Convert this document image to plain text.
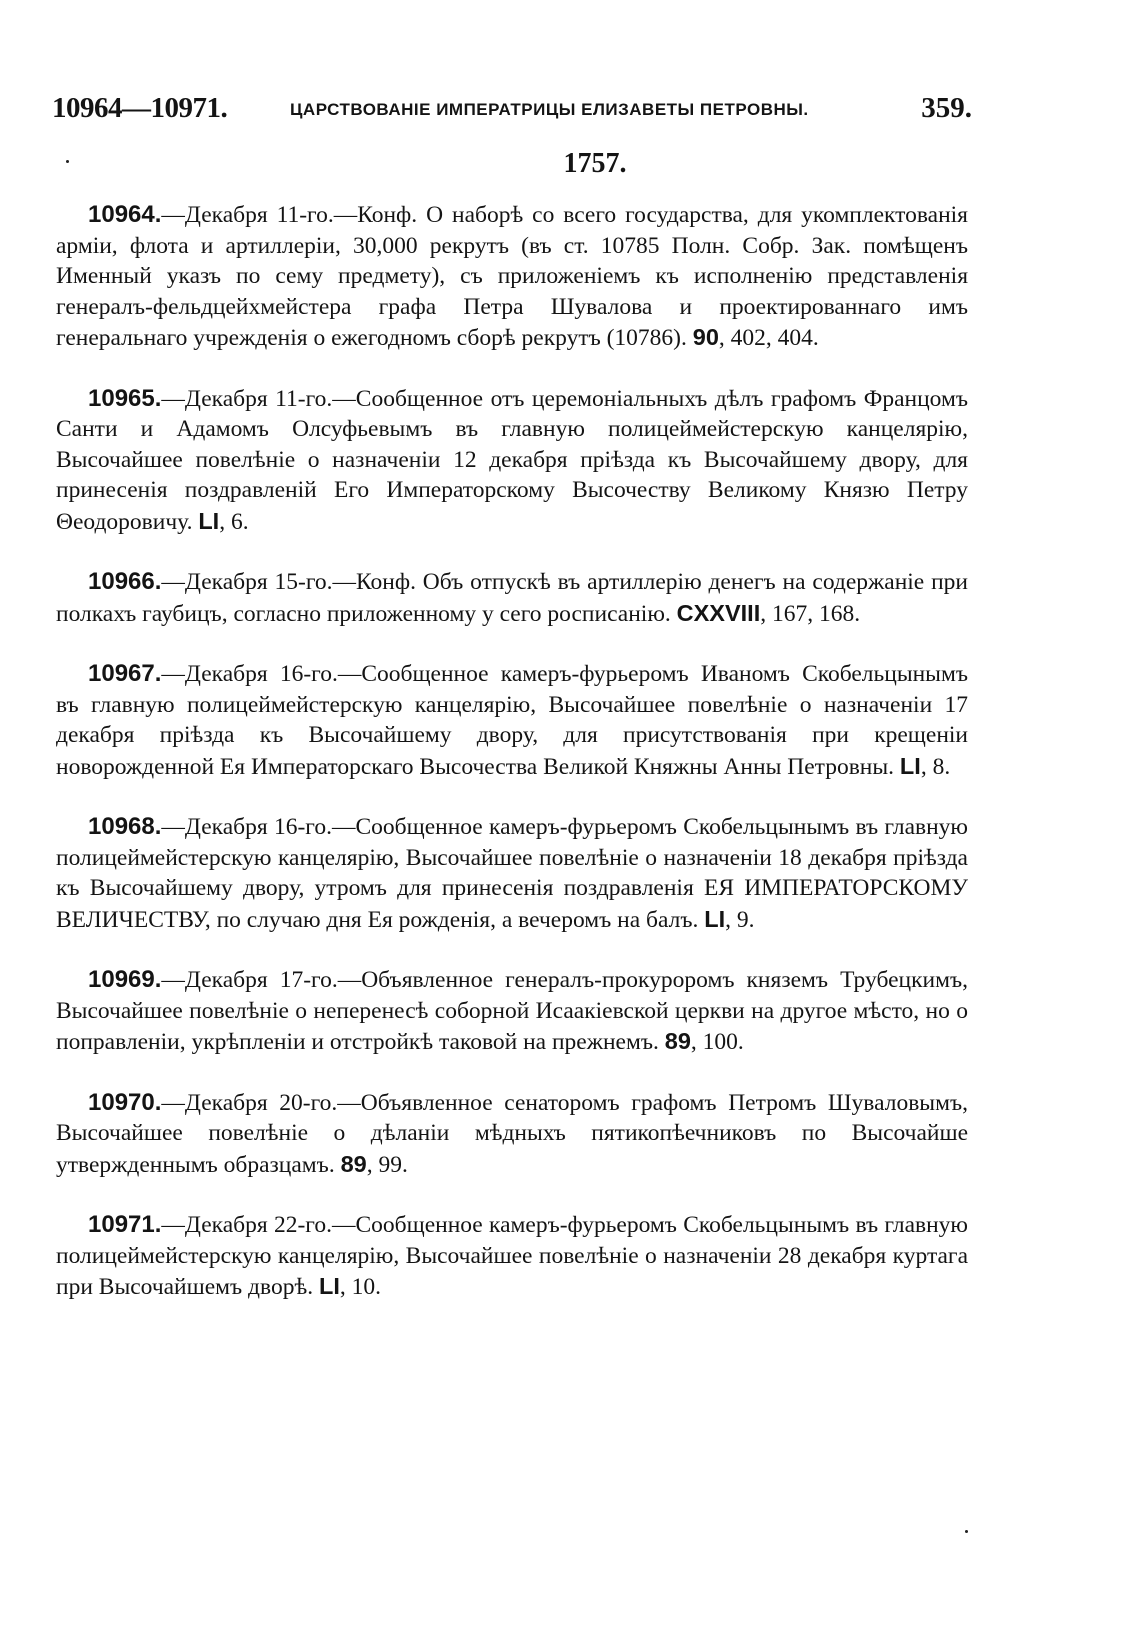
10964—10971.	ЦАРСТВОВАНІЕ ИМПЕРАТРИЦЫ ЕЛИЗАВЕТЫ ПЕТРОВНЫ.	359.
1757.

10964.—Декабря 11-го.—Конф. О наборѣ со всего государства, для укомплектованія арміи, флота и артиллеріи, 30,000 рекрутъ (въ ст. 10785 Полн. Собр. Зак. помѣщенъ Именный указъ по сему предмету), съ приложеніемъ къ исполненію представленія генералъ-фельдцейхмейстера графа Петра Шувалова и проектированнаго имъ генеральнаго учрежденія о ежегодномъ сборѣ рекрутъ (10786). 90, 402, 404.

10965.—Декабря 11-го.—Сообщенное отъ церемоніальныхъ дѣлъ графомъ Францомъ Санти и Адамомъ Олсуфьевымъ въ главную полицеймейстерскую канцелярію, Высочайшее повелѣніе о назначеніи 12 декабря пріѣзда къ Высочайшему двору, для принесенія поздравленій Его Императорскому Высочеству Великому Князю Петру Θеодоровичу. LI, 6.

10966.—Декабря 15-го.—Конф. Объ отпускѣ въ артиллерію денегъ на содержаніе при полкахъ гаубицъ, согласно приложенному у сего росписанію. CXXVIII, 167, 168.

10967.—Декабря 16-го.—Сообщенное камеръ-фурьеромъ Иваномъ Скобельцынымъ въ главную полицеймейстерскую канцелярію, Высочайшее повелѣніе о назначеніи 17 декабря пріѣзда къ Высочайшему двору, для присутствованія при крещеніи новорожденной Ея Императорскаго Высочества Великой Княжны Анны Петровны. LI, 8.

10968.—Декабря 16-го.—Сообщенное камеръ-фурьеромъ Скобельцынымъ въ главную полицеймейстерскую канцелярію, Высочайшее повелѣніе о назначеніи 18 декабря пріѣзда къ Высочайшему двору, утромъ для принесенія поздравленія ЕЯ ИМПЕРАТОРСКОМУ ВЕЛИЧЕСТВУ, по случаю дня Ея рожденія, а вечеромъ на балъ. LI, 9.

10969.—Декабря 17-го.—Объявленное генералъ-прокуроромъ княземъ Трубецкимъ, Высочайшее повелѣніе о неперенесѣ соборной Исаакіевской церкви на другое мѣсто, но о поправленіи, укрѣпленіи и отстройкѣ таковой на прежнемъ. 89, 100.

10970.—Декабря 20-го.—Объявленное сенаторомъ графомъ Петромъ Шуваловымъ, Высочайшее повелѣніе о дѣланіи мѣдныхъ пятикопѣечниковъ по Высочайше утвержденнымъ образцамъ. 89, 99.

10971.—Декабря 22-го.—Сообщенное камеръ-фурьеромъ Скобельцынымъ въ главную полицеймейстерскую канцелярію, Высочайшее повелѣніе о назначеніи 28 декабря куртага при Высочайшемъ дворѣ. LI, 10.
